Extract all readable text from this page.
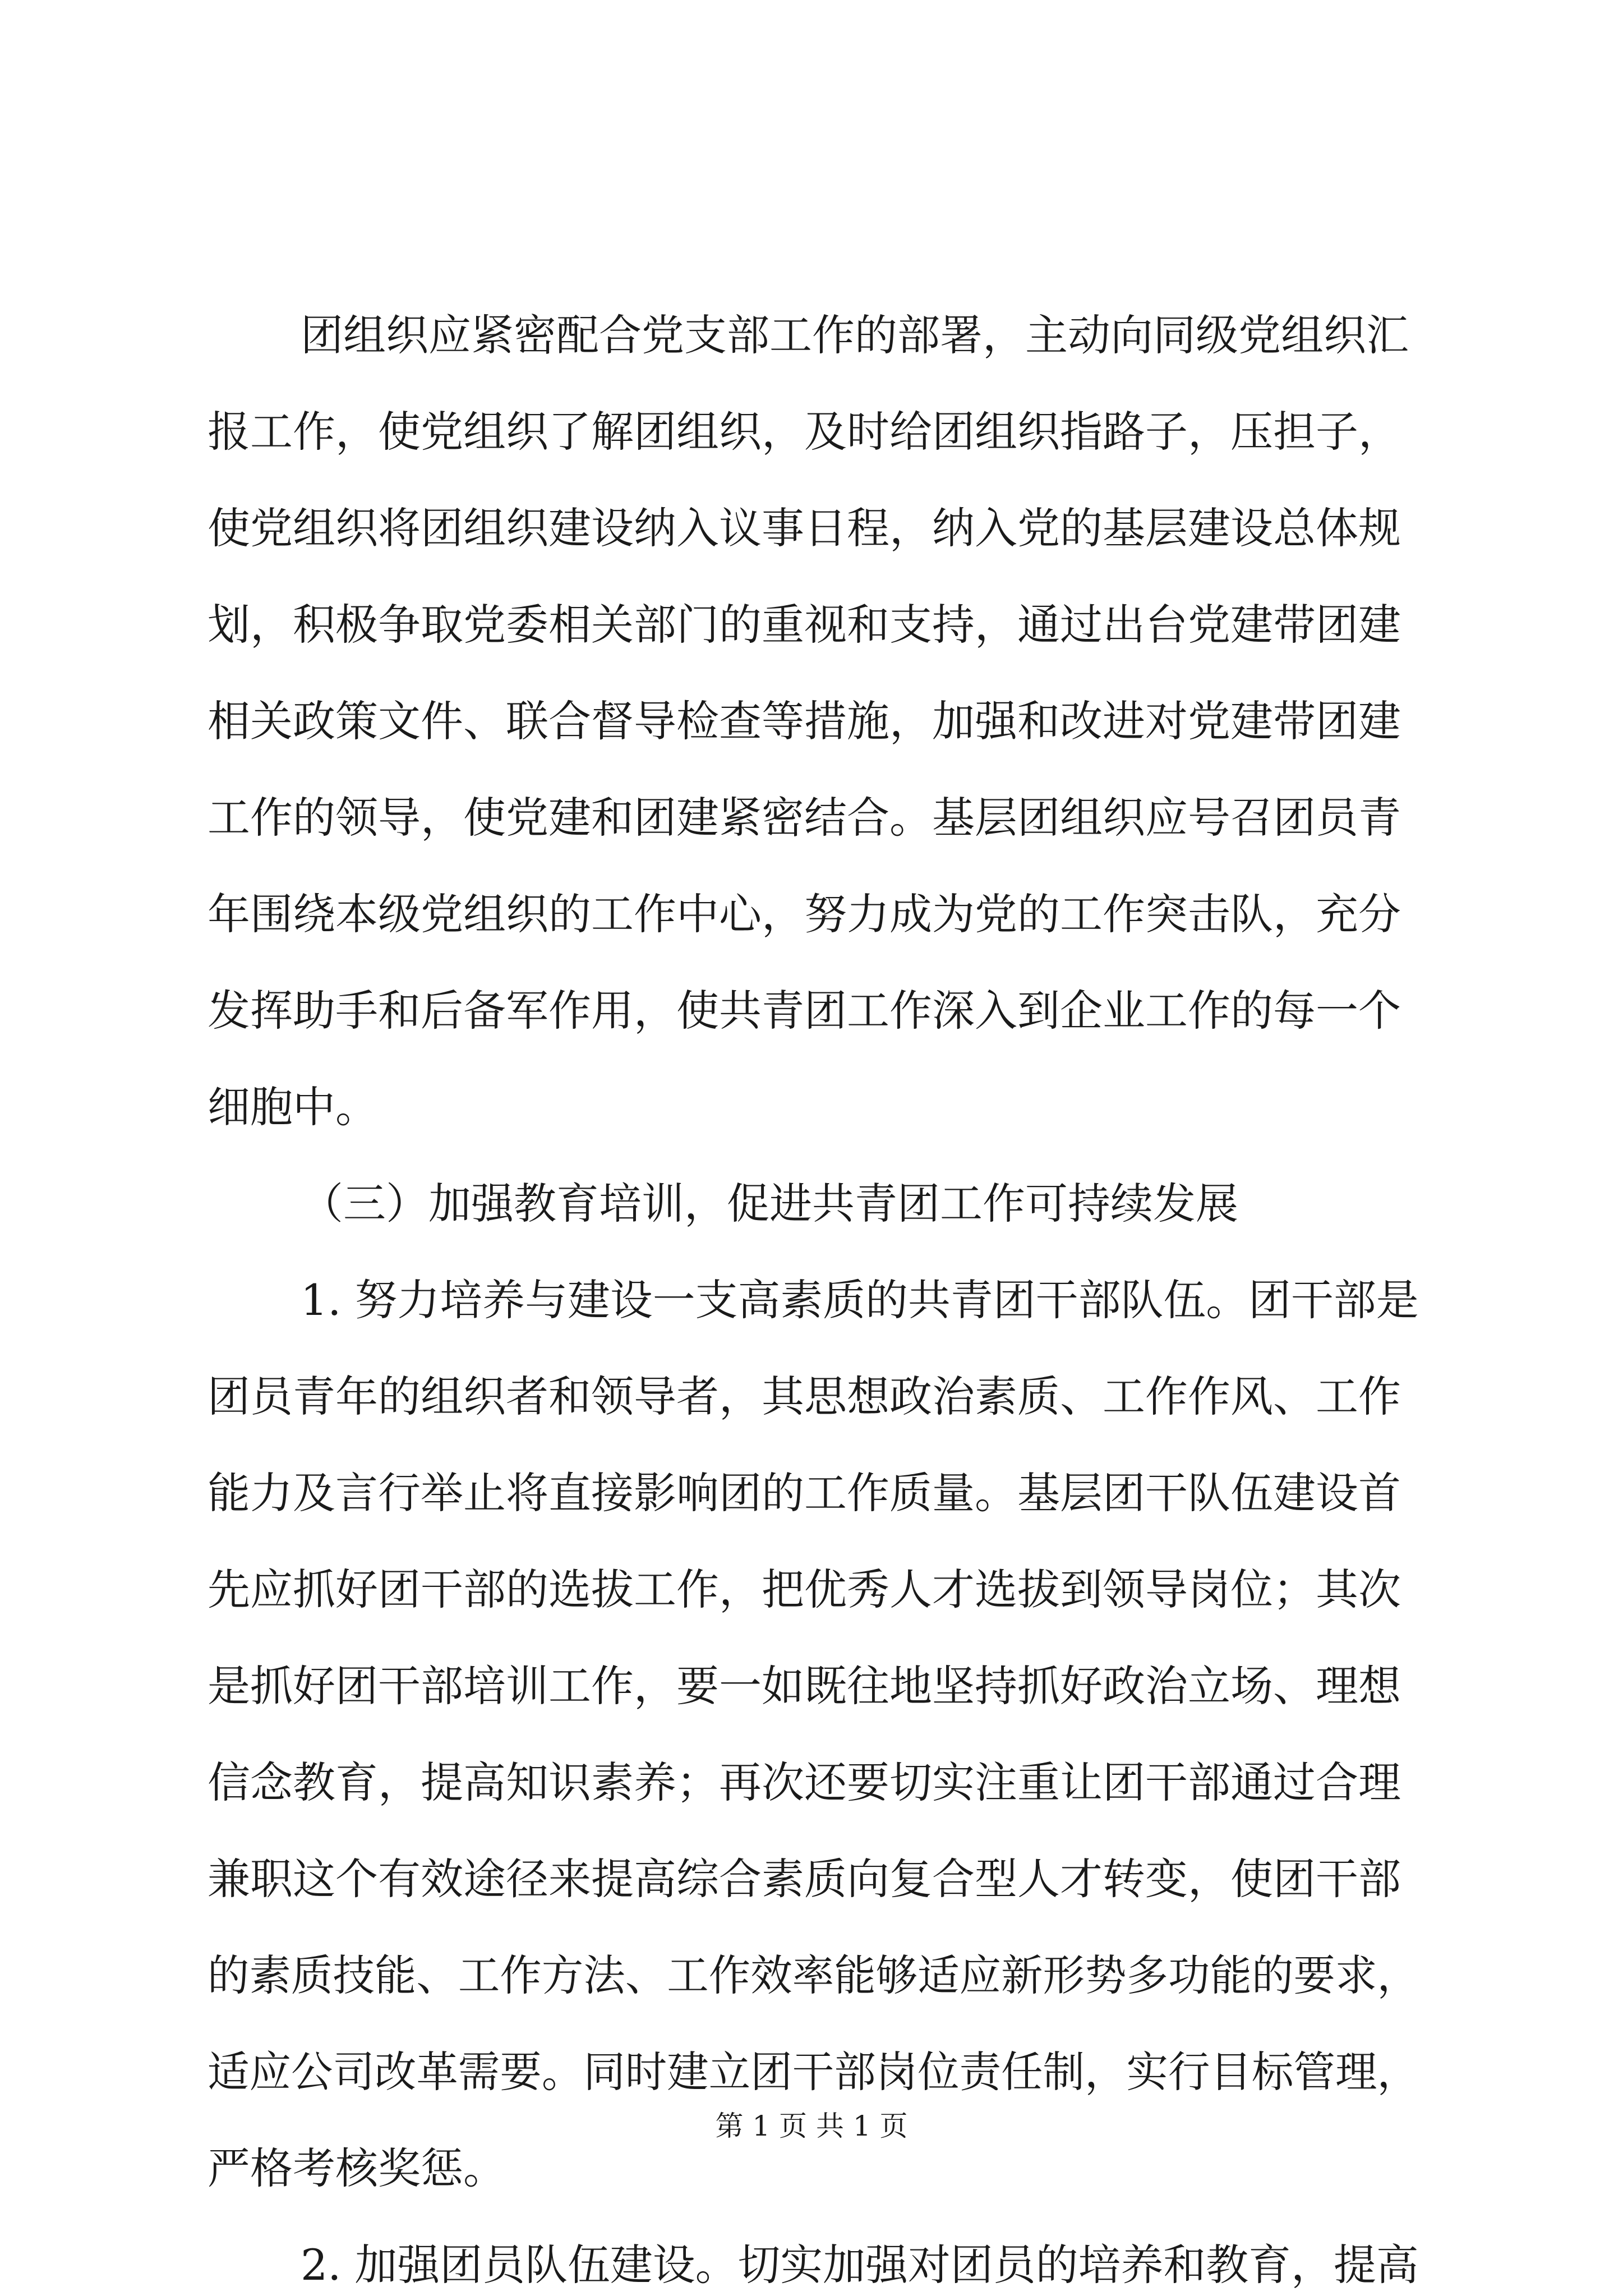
团组织应紧密配合党支部工作的部署，主动向同级党组织汇

报工作，使党组织了解团组织，及时给团组织指路子，压担子，

使党组织将团组织建设纳入议事日程，纳入党的基层建设总体规

划，积极争取党委相关部门的重视和支持，通过出台党建带团建

相关政策文件、联合督导检查等措施，加强和改进对党建带团建

工作的领导，使党建和团建紧密结合。基层团组织应号召团员青

年围绕本级党组织的工作中心，努力成为党的工作突击队，充分

发挥助手和后备军作用，使共青团工作深入到企业工作的每一个

细胞中。

（三）加强教育培训，促进共青团工作可持续发展

1. 努力培养与建设一支高素质的共青团干部队伍。团干部是

团员青年的组织者和领导者，其思想政治素质、工作作风、工作

能力及言行举止将直接影响团的工作质量。基层团干队伍建设首

先应抓好团干部的选拔工作，把优秀人才选拔到领导岗位；其次

是抓好团干部培训工作，要一如既往地坚持抓好政治立场、理想

信念教育，提高知识素养；再次还要切实注重让团干部通过合理

兼职这个有效途径来提高综合素质向复合型人才转变，使团干部

的素质技能、工作方法、工作效率能够适应新形势多功能的要求，

适应公司改革需要。同时建立团干部岗位责任制，实行目标管理，

严格考核奖惩。

2. 加强团员队伍建设。切实加强对团员的培养和教育，提高

第 1 页 共 1 页
